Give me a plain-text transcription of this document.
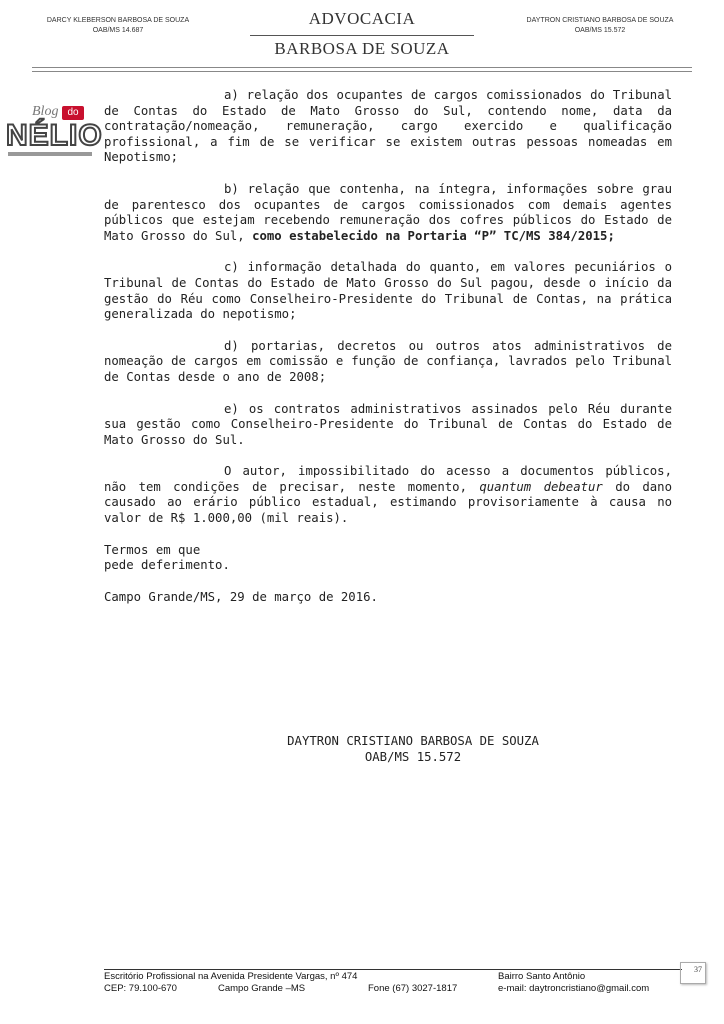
DARCY KLEBERSON BARBOSA DE SOUZA
OAB/MS 14.687
ADVOCACIA
BARBOSA DE SOUZA
DAYTRON CRISTIANO BARBOSA DE SOUZA
OAB/MS 15.572
Blog do
NÉLIO

a) relação dos ocupantes de cargos comissionados do Tribunal de Contas do Estado de Mato Grosso do Sul, contendo nome, data da contratação/nomeação, remuneração, cargo exercido e qualificação profissional, a fim de se verificar se existem outras pessoas nomeadas em Nepotismo;

b) relação que contenha, na íntegra, informações sobre grau de parentesco dos ocupantes de cargos comissionados com demais agentes públicos que estejam recebendo remuneração dos cofres públicos do Estado de Mato Grosso do Sul, como estabelecido na Portaria “P” TC/MS 384/2015;

c) informação detalhada do quanto, em valores pecuniários o Tribunal de Contas do Estado de Mato Grosso do Sul pagou, desde o início da gestão do Réu como Conselheiro-Presidente do Tribunal de Contas, na prática generalizada do nepotismo;

d) portarias, decretos ou outros atos administrativos de nomeação de cargos em comissão e função de confiança, lavrados pelo Tribunal de Contas desde o ano de 2008;

e) os contratos administrativos assinados pelo Réu durante sua gestão como Conselheiro-Presidente do Tribunal de Contas do Estado de Mato Grosso do Sul.

O autor, impossibilitado do acesso a documentos públicos, não tem condições de precisar, neste momento, quantum debeatur do dano causado ao erário público estadual, estimando provisoriamente à causa no valor de R$ 1.000,00 (mil reais).

Termos em que

pede deferimento.

Campo Grande/MS, 29 de março de 2016.

DAYTRON CRISTIANO BARBOSA DE SOUZA
OAB/MS 15.572
Escritório Profissional na Avenida Presidente Vargas, nº 474	Bairro Santo Antônio
CEP: 79.100-670	Campo Grande –MS	Fone (67) 3027-1817	e-mail: daytroncristiano@gmail.com
37
